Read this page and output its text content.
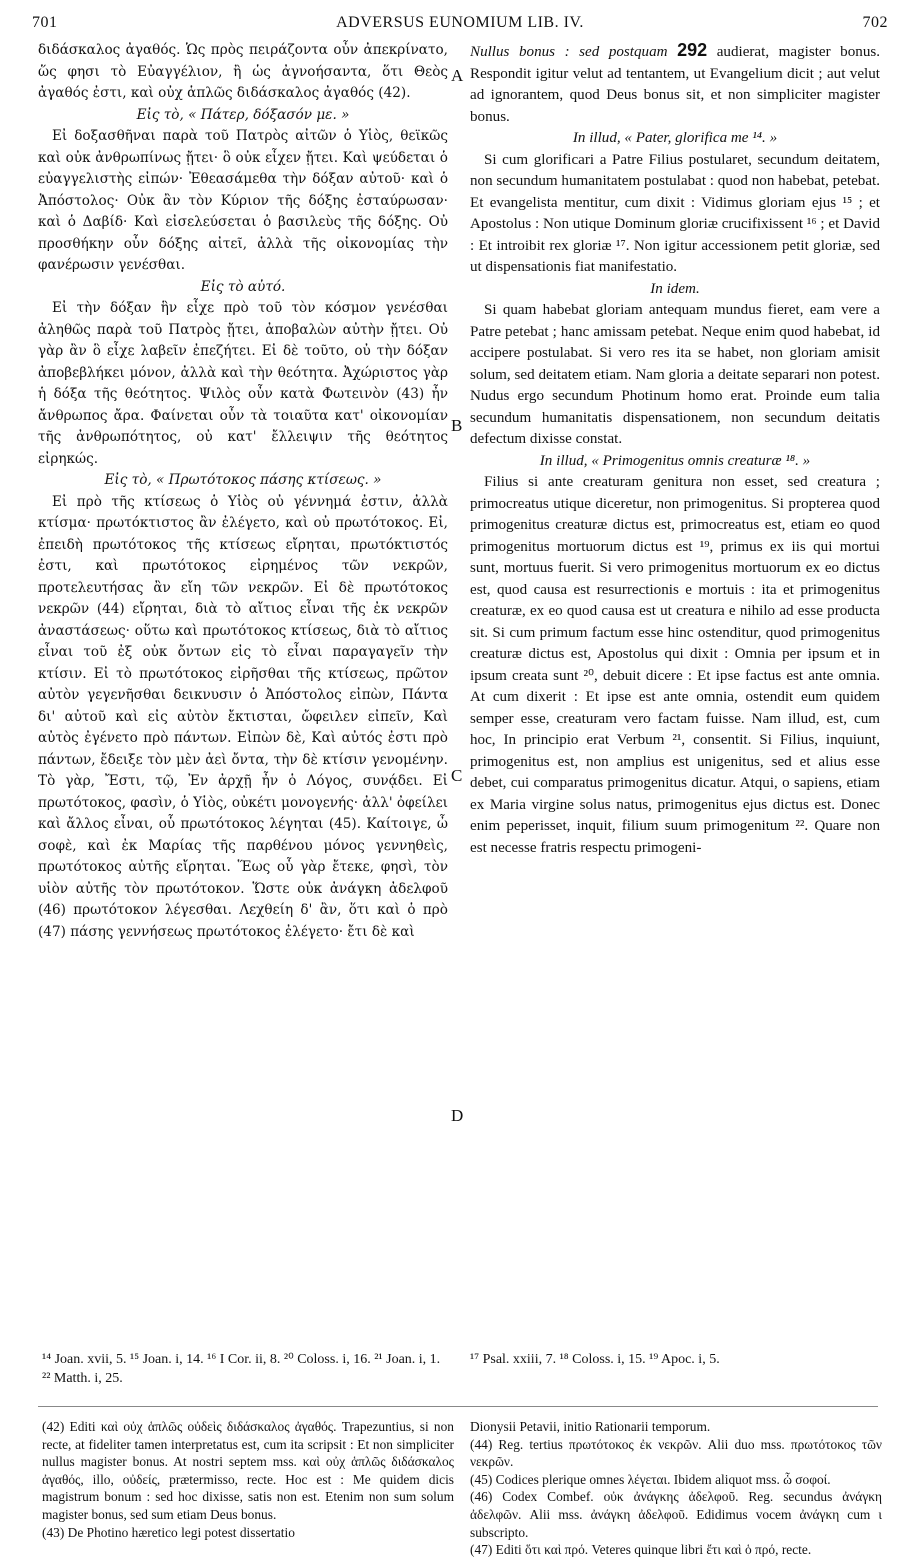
701	ADVERSUS EUNOMIUM LIB. IV.	702

διδάσκαλος ἀγαθός. Ὡς πρὸς πειράζοντα οὖν ἀπεκρίνατο, ὥς φησι τὸ Εὐαγγέλιον, ἢ ὡς ἀγνοήσαντα, ὅτι Θεὸς ἀγαθός ἐστι, καὶ οὐχ ἁπλῶς διδάσκαλος ἀγαθός (42).

Εἰς τὸ, « Πάτερ, δόξασόν με. »

Εἰ δοξασθῆναι παρὰ τοῦ Πατρὸς αἰτῶν ὁ Υἱὸς, θεϊκῶς καὶ οὐκ ἀνθρωπίνως ᾔτει· ὃ οὐκ εἶχεν ᾔτει. Καὶ ψεύδεται ὁ εὐαγγελιστὴς εἰπών· Ἐθεασάμεθα τὴν δόξαν αὐτοῦ· καὶ ὁ Ἀπόστολος· Οὐκ ἂν τὸν Κύριον τῆς δόξης ἐσταύρωσαν· καὶ ὁ Δαβίδ· Καὶ εἰσελεύσεται ὁ βασιλεὺς τῆς δόξης. Οὐ προσθήκην οὖν δόξης αἰτεῖ, ἀλλὰ τῆς οἰκονομίας τὴν φανέρωσιν γενέσθαι.

Εἰς τὸ αὐτό.

Εἰ τὴν δόξαν ἣν εἶχε πρὸ τοῦ τὸν κόσμον γενέσθαι ἀληθῶς παρὰ τοῦ Πατρὸς ᾔτει, ἀποβαλὼν αὐτὴν ᾔτει. Οὐ γὰρ ἂν ὃ εἶχε λαβεῖν ἐπεζήτει. Εἰ δὲ τοῦτο, οὐ τὴν δόξαν ἀποβεβλήκει μόνον, ἀλλὰ καὶ τὴν θεότητα. Ἀχώριστος γὰρ ἡ δόξα τῆς θεότητος. Ψιλὸς οὖν κατὰ Φωτεινὸν (43) ἦν ἄνθρωπος ἄρα. Φαίνεται οὖν τὰ τοιαῦτα κατ' οἰκονομίαν τῆς ἀνθρωπότητος, οὐ κατ' ἔλλειψιν τῆς θεότητος εἰρηκώς.

Εἰς τὸ, « Πρωτότοκος πάσης κτίσεως. »

Εἰ πρὸ τῆς κτίσεως ὁ Υἱὸς οὐ γέννημά ἐστιν, ἀλλὰ κτίσμα· πρωτόκτιστος ἂν ἐλέγετο, καὶ οὐ πρωτότοκος. Εἰ, ἐπειδὴ πρωτότοκος τῆς κτίσεως εἴρηται, πρωτόκτιστός ἐστι, καὶ πρωτότοκος εἰρημένος τῶν νεκρῶν, προτελευτήσας ἂν εἴη τῶν νεκρῶν. Εἰ δὲ πρωτότοκος νεκρῶν (44) εἴρηται, διὰ τὸ αἴτιος εἶναι τῆς ἐκ νεκρῶν ἀναστάσεως· οὕτω καὶ πρωτότοκος κτίσεως, διὰ τὸ αἴτιος εἶναι τοῦ ἐξ οὐκ ὄντων εἰς τὸ εἶναι παραγαγεῖν τὴν κτίσιν. Εἰ τὸ πρωτότοκος εἰρῆσθαι τῆς κτίσεως, πρῶτον αὐτὸν γεγενῆσθαι δεικνυσιν ὁ Ἀπόστολος εἰπὼν, Πάντα δι' αὐτοῦ καὶ εἰς αὐτὸν ἔκτισται, ὤφειλεν εἰπεῖν, Καὶ αὐτὸς ἐγένετο πρὸ πάντων. Εἰπὼν δὲ, Καὶ αὐτός ἐστι πρὸ πάντων, ἔδειξε τὸν μὲν ἀεὶ ὄντα, τὴν δὲ κτίσιν γενομένην. Τὸ γὰρ, Ἔστι, τῷ, Ἐν ἀρχῇ ἦν ὁ Λόγος, συνᾴδει. Εἰ πρωτότοκος, φασὶν, ὁ Υἱὸς, οὐκέτι μονογενής· ἀλλ' ὀφείλει καὶ ἄλλος εἶναι, οὗ πρωτότοκος λέγηται (45). Καίτοιγε, ὦ σοφὲ, καὶ ἐκ Μαρίας τῆς παρθένου μόνος γεννηθεὶς, πρωτότοκος αὐτῆς εἴρηται. Ἕως οὗ γὰρ ἔτεκε, φησὶ, τὸν υἱὸν αὐτῆς τὸν πρωτότοκον. Ὥστε οὐκ ἀνάγκη ἀδελφοῦ (46) πρωτότοκον λέγεσθαι. Λεχθείη δ' ἂν, ὅτι καὶ ὁ πρὸ (47) πάσης γεννήσεως πρωτότοκος ἐλέγετο· ἔτι δὲ καὶ

A
B
C
D

Nullus bonus : sed postquam 292 audierat, magister bonus. Respondit igitur velut ad tentantem, ut Evangelium dicit ; aut velut ad ignorantem, quod Deus bonus sit, et non simpliciter magister bonus.

In illud, « Pater, glorifica me ¹⁴. »

Si cum glorificari a Patre Filius postularet, secundum deitatem, non secundum humanitatem postulabat : quod non habebat, petebat. Et evangelista mentitur, cum dixit : Vidimus gloriam ejus ¹⁵ ; et Apostolus : Non utique Dominum gloriæ crucifixissent ¹⁶ ; et David : Et introibit rex gloriæ ¹⁷. Non igitur accessionem petit gloriæ, sed ut dispensationis fiat manifestatio.

In idem.

Si quam habebat gloriam antequam mundus fieret, eam vere a Patre petebat ; hanc amissam petebat. Neque enim quod habebat, id accipere postulabat. Si vero res ita se habet, non gloriam amisit solum, sed deitatem etiam. Nam gloria a deitate separari non potest. Nudus ergo secundum Photinum homo erat. Proinde eum talia secundum humanitatis dispensationem, non secundum deitatis defectum dixisse constat.

In illud, « Primogenitus omnis creaturæ ¹⁸. »

Filius si ante creaturam genitura non esset, sed creatura ; primocreatus utique diceretur, non primogenitus. Si propterea quod primogenitus creaturæ dictus est, primocreatus est, etiam eo quod primogenitus mortuorum dictus est ¹⁹, primus ex iis qui mortui sunt, mortuus fuerit. Si vero primogenitus mortuorum ex eo dictus est, quod causa est resurrectionis e mortuis : ita et primogenitus creaturæ, ex eo quod causa est ut creatura e nihilo ad esse producta sit. Si cum primum factum esse hinc ostenditur, quod primogenitus creaturæ dictus est, Apostolus qui dixit : Omnia per ipsum et in ipsum creata sunt ²⁰, debuit dicere : Et ipse factus est ante omnia. At cum dixerit : Et ipse est ante omnia, ostendit eum quidem semper esse, creaturam vero factam fuisse. Nam illud, est, cum hoc, In principio erat Verbum ²¹, consentit. Si Filius, inquiunt, primogenitus est, non amplius est unigenitus, sed et alius esse debet, cui comparatus primogenitus dicatur. Atqui, o sapiens, etiam ex Maria virgine solus natus, primogenitus ejus dictus est. Donec enim peperisset, inquit, filium suum primogenitum ²². Quare non est necesse fratris respectu primogeni-

¹⁴ Joan. xvii, 5. ¹⁵ Joan. i, 14. ¹⁶ I Cor. ii, 8. ²⁰ Coloss. i, 16. ²¹ Joan. i, 1. ²² Matth. i, 25.
¹⁷ Psal. xxiii, 7. ¹⁸ Coloss. i, 15. ¹⁹ Apoc. i, 5.

(42) Editi καὶ οὐχ ἁπλῶς οὐδεὶς διδάσκαλος ἀγαθός. Trapezuntius, si non recte, at fideliter tamen interpretatus est, cum ita scripsit : Et non simpliciter nullus magister bonus. At nostri septem mss. καὶ οὐχ ἁπλῶς διδάσκαλος ἀγαθός, illo, οὐδείς, prætermisso, recte. Hoc est : Me quidem dicis magistrum bonum : sed hoc dixisse, satis non est. Etenim non sum solum magister bonus, sed sum etiam Deus bonus.

(43) De Photino hæretico legi potest dissertatio

Dionysii Petavii, initio Rationarii temporum.

(44) Reg. tertius πρωτότοκος ἐκ νεκρῶν. Alii duo mss. πρωτότοκος τῶν νεκρῶν.

(45) Codices plerique omnes λέγεται. Ibidem aliquot mss. ὦ σοφοί.

(46) Codex Combef. οὐκ ἀνάγκης ἀδελφοῦ. Reg. secundus ἀνάγκη ἀδελφῶν. Alii mss. ἀνάγκη ἀδελφοῦ. Edidimus vocem ἀνάγκη cum ι subscripto.

(47) Editi ὅτι καὶ πρό. Veteres quinque libri ἔτι καὶ ὁ πρό, recte.
